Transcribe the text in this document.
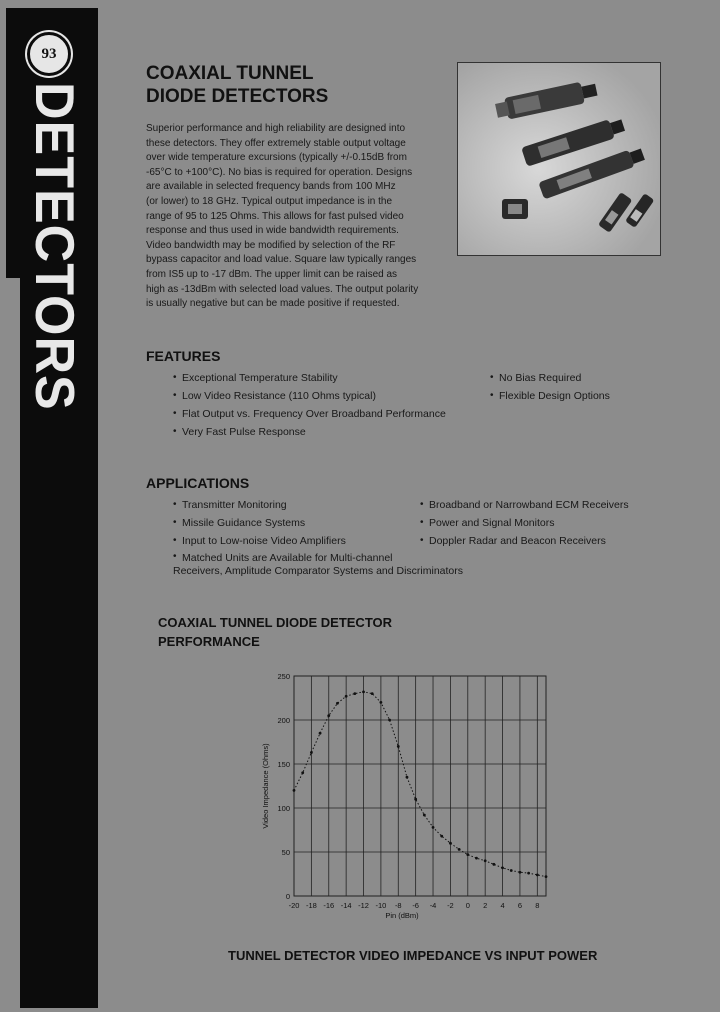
93
DETECTORS
COAXIAL TUNNEL
DIODE DETECTORS
Superior performance and high reliability are designed into
these detectors. They offer extremely stable output voltage
over wide temperature excursions (typically +/-0.15dB from
-65°C to +100°C). No bias is required for operation. Designs
are available in selected frequency bands from 100 MHz
(or lower) to 18 GHz. Typical output impedance is in the
range of 95 to 125 Ohms. This allows for fast pulsed video
response and thus used in wide bandwidth requirements.
Video bandwidth may be modified by selection of the RF
bypass capacitor and load value. Square law typically ranges
from IS5 up to -17 dBm. The upper limit can be raised as
high as -13dBm with selected load values. The output polarity
is usually negative but can be made positive if requested.
FEATURES
• Exceptional Temperature Stability
• Low Video Resistance (110 Ohms typical)
• Flat Output vs. Frequency Over Broadband Performance
• Very Fast Pulse Response
• No Bias Required
• Flexible Design Options
APPLICATIONS
• Transmitter Monitoring
• Missile Guidance Systems
• Input to Low-noise Video Amplifiers
• Matched Units are Available for Multi-channel
Receivers, Amplitude Comparator Systems and Discriminators
• Broadband or Narrowband ECM Receivers
• Power and Signal Monitors
• Doppler Radar and Beacon Receivers
COAXIAL TUNNEL DIODE DETECTOR
PERFORMANCE
-20 -18 -16 -14 -12 -10 -8 -6 -4 -2 0 2 4 6 8
0
50
100
150
200
250
Pin (dBm)
Video Impedance (Ohms)
TUNNEL DETECTOR VIDEO IMPEDANCE VS INPUT POWER
